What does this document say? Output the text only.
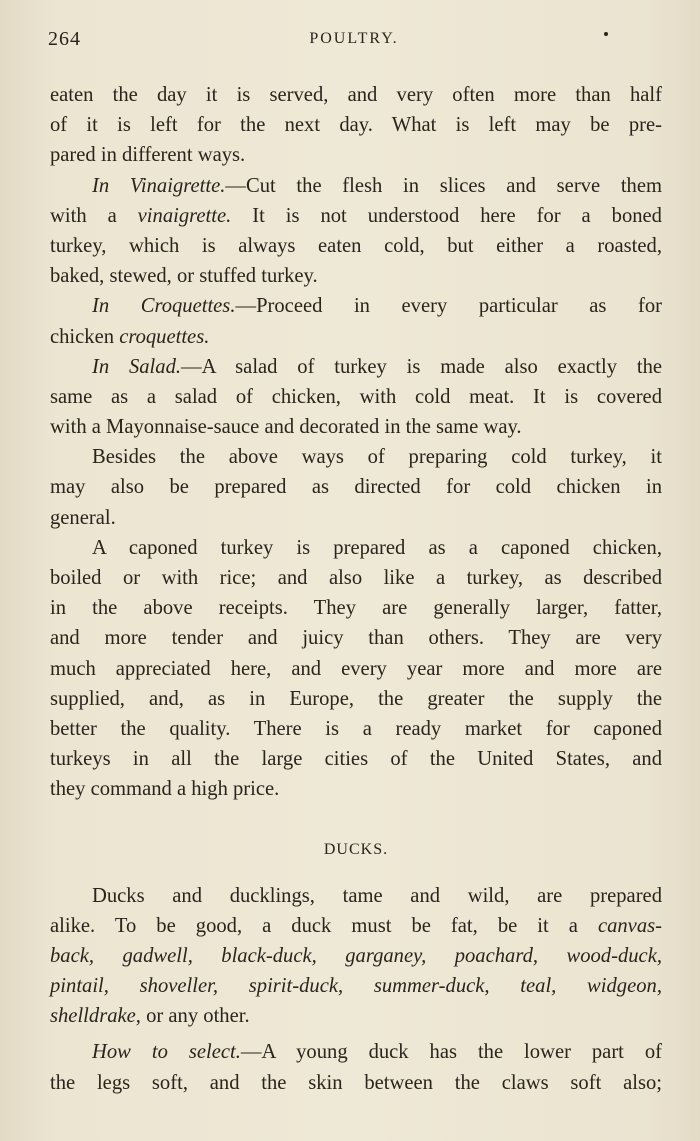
264	POULTRY.
eaten the day it is served, and very often more than half
of it is left for the next day. What is left may be pre-
pared in different ways.
In Vinaigrette.—Cut the flesh in slices and serve them
with a vinaigrette. It is not understood here for a boned
turkey, which is always eaten cold, but either a roasted,
baked, stewed, or stuffed turkey.
In Croquettes.—Proceed in every particular as for
chicken croquettes.
In Salad.—A salad of turkey is made also exactly the
same as a salad of chicken, with cold meat. It is covered
with a Mayonnaise-sauce and decorated in the same way.
Besides the above ways of preparing cold turkey, it
may also be prepared as directed for cold chicken in
general.
A caponed turkey is prepared as a caponed chicken,
boiled or with rice; and also like a turkey, as described
in the above receipts. They are generally larger, fatter,
and more tender and juicy than others. They are very
much appreciated here, and every year more and more are
supplied, and, as in Europe, the greater the supply the
better the quality. There is a ready market for caponed
turkeys in all the large cities of the United States, and
they command a high price.
DUCKS.
Ducks and ducklings, tame and wild, are prepared
alike. To be good, a duck must be fat, be it a canvas-
back, gadwell, black-duck, garganey, poachard, wood-duck,
pintail, shoveller, spirit-duck, summer-duck, teal, widgeon,
shelldrake, or any other.
How to select.—A young duck has the lower part of
the legs soft, and the skin between the claws soft also;
